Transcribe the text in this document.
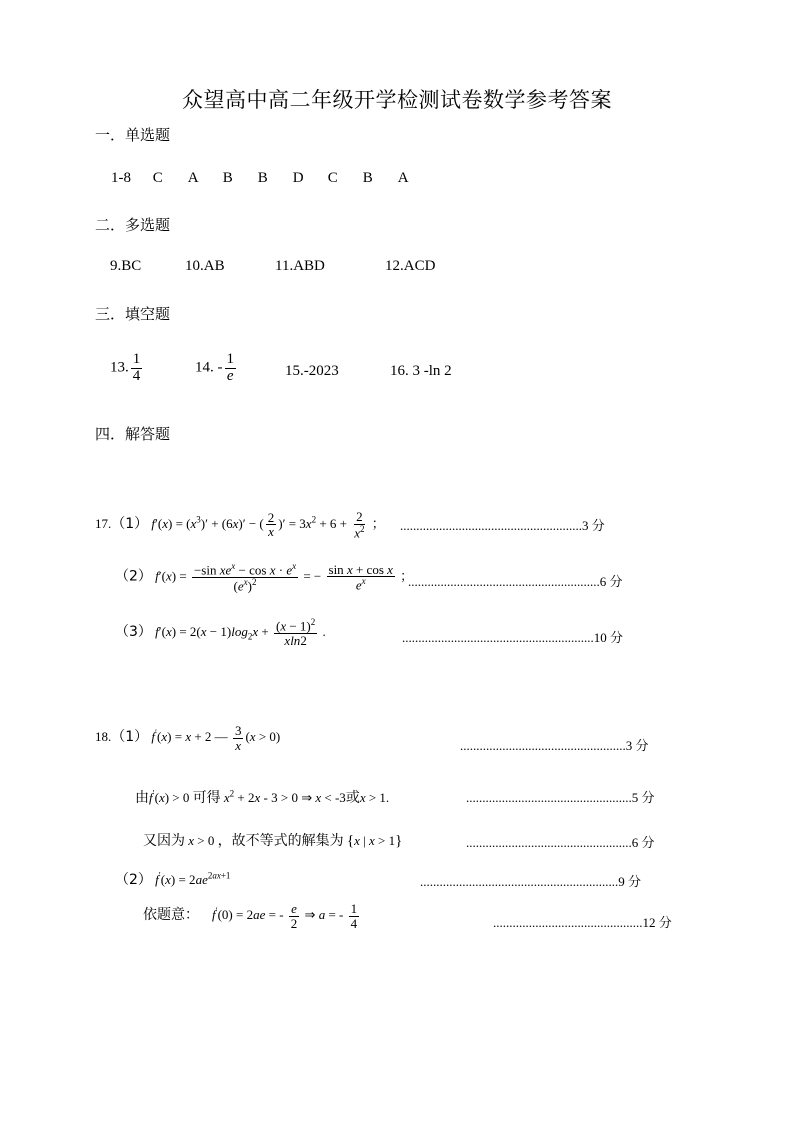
众望高中高二年级开学检测试卷数学参考答案
一．单选题
1-8 C A B B D C B A
二．多选题
9.BC	10.AB	11.ABD	12.ACD
三．填空题
13. $\frac{1}{4}$	14. - $\frac{1}{e}$	15.-2023	16. 3 -ln 2
四．解答题
17.（1） $f'(x) = (x^3)' + (6x)'$ − ( $\frac{2}{x}$ )′ = $3x^2 + 6 + \frac{2}{x^2}$ ； ........................................................3 分
（2） $f'(x) = \frac{-\sin xe^x - \cos x \cdot e^x}{(e^x)^2}$ = − $\frac{\text{sin x + cos x}}{e^x}$ ；
...........................................................6 分
（3） $f'(x) = 2(x - 1)\log_2x + \frac{(x - 1)^2}{xln2}$ .	...........................................................10 分
18.（1） f′(x) = x + 2 — $\frac{3}{x} (x > 0)$
...................................................3 分
由f′(x) > 0 可得 $x^2 + 2x - 3 > 0$ ⇒ x < -3或x > 1.	...................................................5 分
又因为 x > 0 ，故不等式的解集为 {x | x > 1}	...................................................6 分
（2） $f'(x) = 2ae^{2ax+1}$	.............................................................9 分
依题意： f′(0) = 2ae = - $\frac{e}{2}$ ⇒ a = - $\frac{1}{4}$	..............................................12 分
